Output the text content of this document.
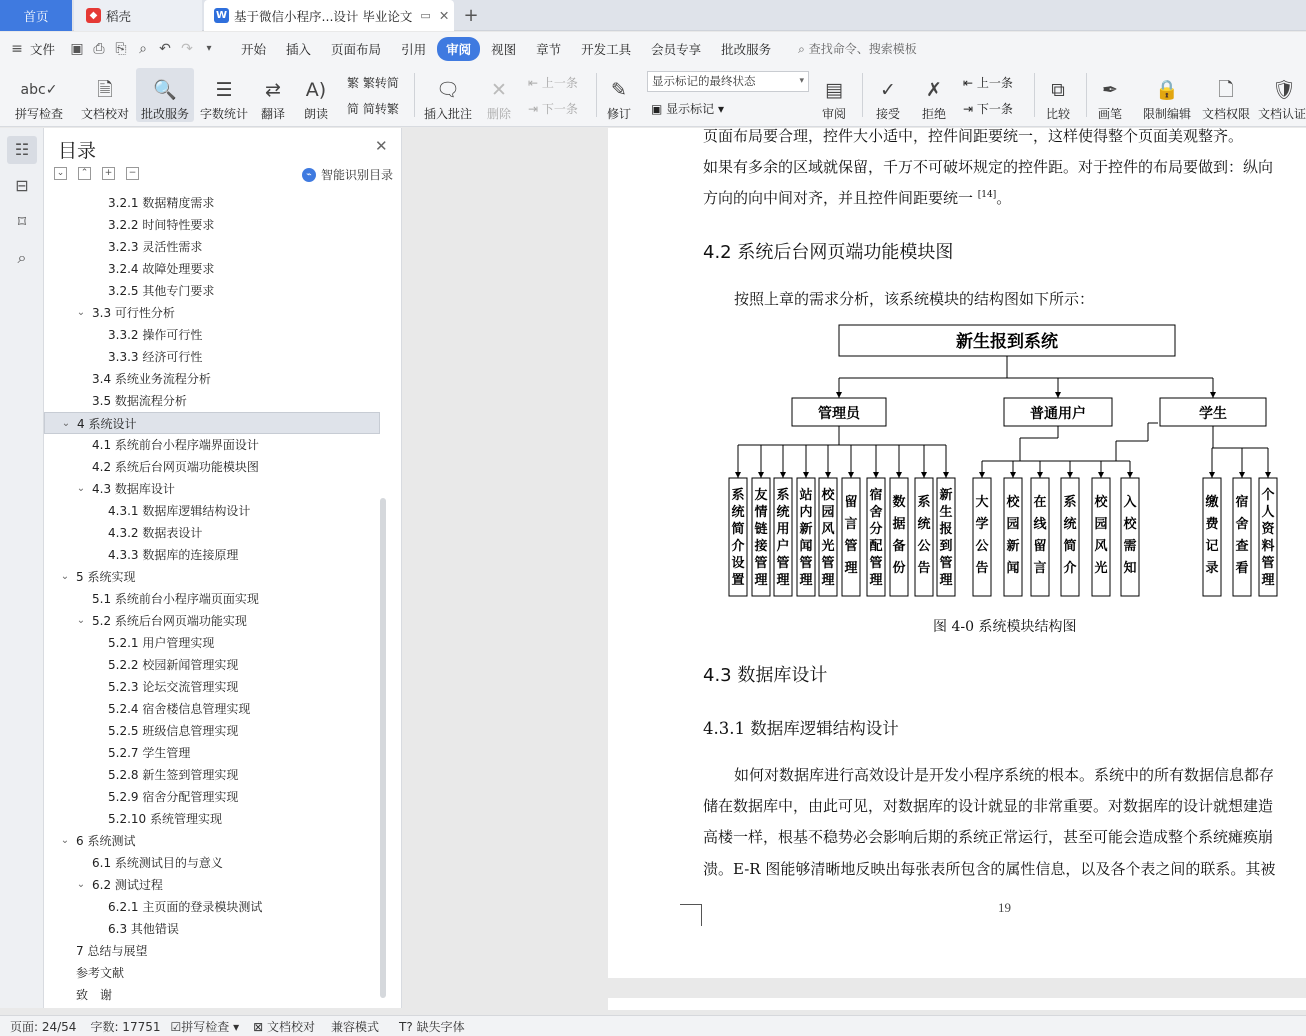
首页	◆ 稻壳	W 基于微信小程序...设计 毕业论文 ▭ ✕ +
≡ 文件	▣ ⎙ ⎘ ⌕ ↶ ↷	▾	开始	插入	页面布局	引用	审阅	视图	章节	开发工具	会员专享	批改服务	⌕ 查找命令、搜索模板
abc✓
拼写检查
🗎
文档校对
🔍
批改服务
☰
字数统计
⇄
翻译
A)
朗读
繁 繁转简
简 简转繁
🗨
插入批注
✕
删除
⇤ 上一条
⇥ 下一条
✎
修订
显示标记的最终状态	▾
▣ 显示标记 ▾
▤
审阅
✓
接受
✗
拒绝
⇤ 上一条
⇥ 下一条
⧉
比较
✒
画笔
🔒
限制编辑
🗋
文档权限
🛡
文档认证
☷
⊟
⌑
⌕
目录	✕
⌄	⌃	+	−	⌁ 智能识别目录
3.2.1 数据精度需求
3.2.2 时间特性要求
3.2.3 灵活性需求
3.2.4 故障处理要求
3.2.5 其他专门要求
⌄ 3.3 可行性分析
3.3.2 操作可行性
3.3.3 经济可行性
3.4 系统业务流程分析
3.5 数据流程分析
⌄ 4 系统设计
4.1 系统前台小程序端界面设计
4.2 系统后台网页端功能模块图
⌄ 4.3 数据库设计
4.3.1 数据库逻辑结构设计
4.3.2 数据表设计
4.3.3 数据库的连接原理
⌄ 5 系统实现
5.1 系统前台小程序端页面实现
⌄ 5.2 系统后台网页端功能实现
5.2.1 用户管理实现
5.2.2 校园新闻管理实现
5.2.3 论坛交流管理实现
5.2.4 宿舍楼信息管理实现
5.2.5 班级信息管理实现
5.2.7 学生管理
5.2.8 新生签到管理实现
5.2.9 宿舍分配管理实现
5.2.10 系统管理实现
⌄ 6 系统测试
6.1 系统测试目的与意义
⌄ 6.2 测试过程
6.2.1 主页面的登录模块测试
6.3 其他错误
7 总结与展望
参考文献
致　谢
页面布局要合理，控件大小适中，控件间距要统一，这样使得整个页面美观整齐。
如果有多余的区域就保留，千万不可破坏规定的控件距。对于控件的布局要做到：纵向
方向的向中间对齐，并且控件间距要统一 [14]。
4.2 系统后台网页端功能模块图
按照上章的需求分析，该系统模块的结构图如下所示：
新生报到系统
管理员	普通用户	学生
系
统
简
介
设
置
友
情
链
接
管
理
系
统
用
户
管
理
站
内
新
闻
管
理
校
园
风
光
管
理
留
言
管
理
宿
舍
分
配
管
理
数
据
备
份
系
统
公
告
新
生
报
到
管
理
大
学
公
告
校
园
新
闻
在
线
留
言
系
统
简
介
校
园
风
光
入
校
需
知
缴
费
记
录
宿
舍
查
看
个
人
资
料
管
理
图 4-0 系统模块结构图
4.3 数据库设计
4.3.1 数据库逻辑结构设计
如何对数据库进行高效设计是开发小程序系统的根本。系统中的所有数据信息都存
储在数据库中，由此可见，对数据库的设计就显的非常重要。对数据库的设计就想建造
高楼一样，根基不稳势必会影响后期的系统正常运行，甚至可能会造成整个系统瘫痪崩
溃。E-R 图能够清晰地反映出每张表所包含的属性信息，以及各个表之间的联系。其被
19
页面: 24/54 字数: 17751 ☑拼写检查 ▾ ⊠ 文档校对 兼容模式 T? 缺失字体
